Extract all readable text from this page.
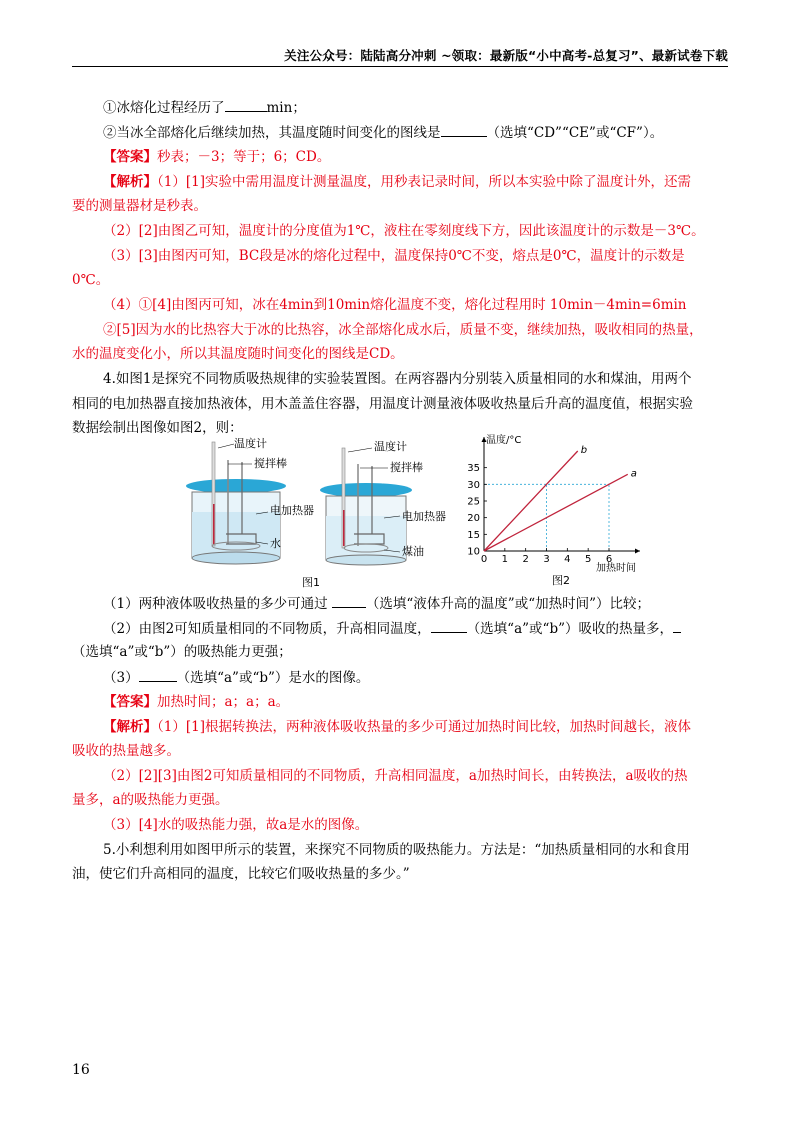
关注公众号：陆陆高分冲刺 ~领取：最新版“小中高考-总复习”、最新试卷下载
①冰熔化过程经历了	min；
②当冰全部熔化后继续加热，其温度随时间变化的图线是	（选填“CD”“CE”或“CF”）。
【答案】秒表；－3；等于；6；CD。
【解析】（1）[1]实验中需用温度计测量温度，用秒表记录时间，所以本实验中除了温度计外，还需
要的测量器材是秒表。
（2）[2]由图乙可知，温度计的分度值为1℃，液柱在零刻度线下方，因此该温度计的示数是－3℃。
（3）[3]由图丙可知，BC段是冰的熔化过程中，温度保持0℃不变，熔点是0℃，温度计的示数是
0℃。
（4）①[4]由图丙可知，冰在4min到10min熔化温度不变，熔化过程用时 10min－4min=6min
②[5]因为水的比热容大于冰的比热容，冰全部熔化成水后，质量不变，继续加热，吸收相同的热量，
水的温度变化小，所以其温度随时间变化的图线是CD。
4.如图1是探究不同物质吸热规律的实验装置图。在两容器内分别装入质量相同的水和煤油，用两个
相同的电加热器直接加热液体，用木盖盖住容器，用温度计测量液体吸收热量后升高的温度值，根据实验
数据绘制出图像如图2，则：
温度计
搅拌棒
电加热器
水
温度计
搅拌棒
电加热器
煤油
图1
0 1 2 3 4 5 6
10
15
20
25
30
35	a
b
温度/°C
加热时间
图2
（1）两种液体吸收热量的多少可通过	（选填“液体升高的温度”或“加热时间”）比较；
（2）由图2可知质量相同的不同物质，升高相同温度，	（选填“a”或“b”）吸收的热量多，
（选填“a”或“b”）的吸热能力更强；
（3）	（选填“a”或“b”）是水的图像。
【答案】加热时间；a；a；a。
【解析】（1）[1]根据转换法，两种液体吸收热量的多少可通过加热时间比较，加热时间越长，液体
吸收的热量越多。
（2）[2][3]由图2可知质量相同的不同物质，升高相同温度，a加热时间长，由转换法，a吸收的热
量多，a的吸热能力更强。
（3）[4]水的吸热能力强，故a是水的图像。
5.小利想利用如图甲所示的装置，来探究不同物质的吸热能力。方法是：“加热质量相同的水和食用
油，使它们升高相同的温度，比较它们吸收热量的多少。”
16
